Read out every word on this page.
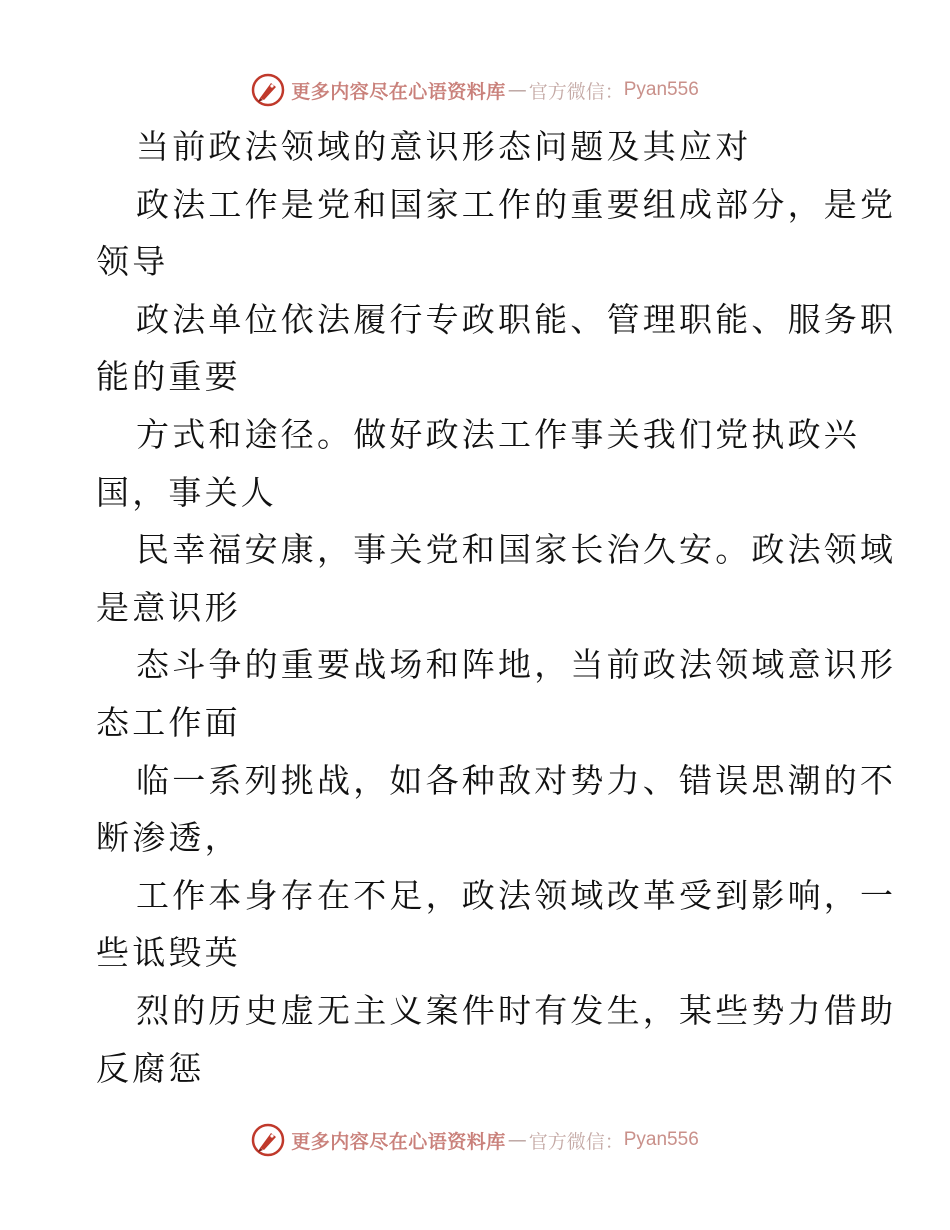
更多内容尽在心语资料库 — 官方微信： Pyan556
当前政法领域的意识形态问题及其应对
政法工作是党和国家工作的重要组成部分，是党
领导
政法单位依法履行专政职能、管理职能、服务职
能的重要
方式和途径。做好政法工作事关我们党执政兴
国，事关人
民幸福安康，事关党和国家长治久安。政法领域
是意识形
态斗争的重要战场和阵地，当前政法领域意识形
态工作面
临一系列挑战，如各种敌对势力、错误思潮的不
断渗透，
工作本身存在不足，政法领域改革受到影响，一
些诋毁英
烈的历史虚无主义案件时有发生，某些势力借助
反腐惩
更多内容尽在心语资料库 — 官方微信： Pyan556
